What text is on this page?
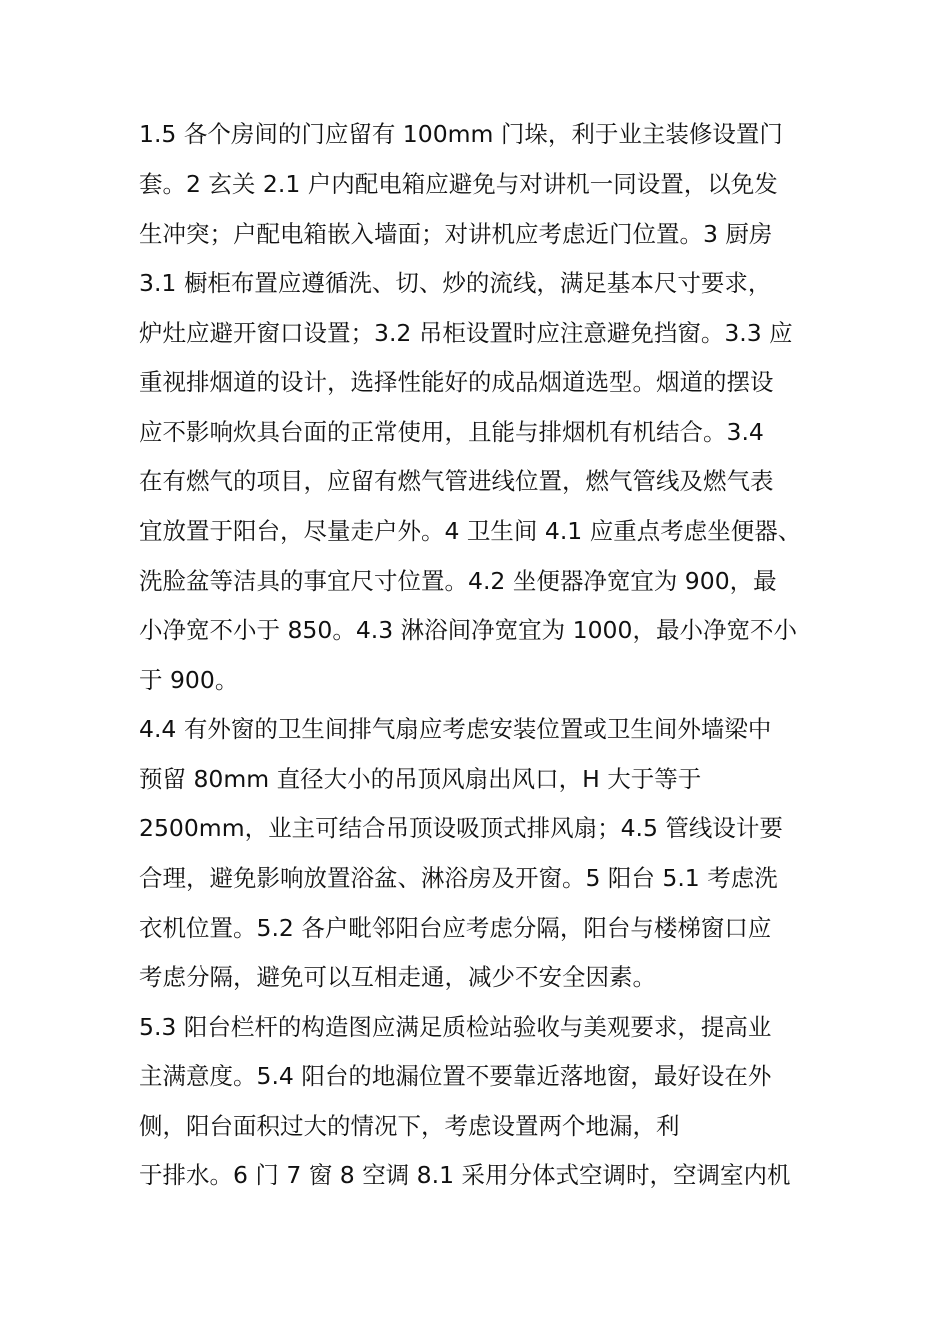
1.5 各个房间的门应留有 100mm 门垛，利于业主装修设置门
套。2 玄关 2.1 户内配电箱应避免与对讲机一同设置，以免发
生冲突；户配电箱嵌入墙面；对讲机应考虑近门位置。3 厨房
3.1 橱柜布置应遵循洗、切、炒的流线，满足基本尺寸要求，
炉灶应避开窗口设置；3.2 吊柜设置时应注意避免挡窗。3.3 应
重视排烟道的设计，选择性能好的成品烟道选型。烟道的摆设
应不影响炊具台面的正常使用，且能与排烟机有机结合。3.4
在有燃气的项目，应留有燃气管进线位置，燃气管线及燃气表
宜放置于阳台，尽量走户外。4 卫生间 4.1 应重点考虑坐便器、
洗脸盆等洁具的事宜尺寸位置。4.2 坐便器净宽宜为 900，最
小净宽不小于 850。4.3 淋浴间净宽宜为 1000，最小净宽不小
于 900。
4.4 有外窗的卫生间排气扇应考虑安装位置或卫生间外墙梁中
预留 80mm 直径大小的吊顶风扇出风口，H 大于等于
2500mm，业主可结合吊顶设吸顶式排风扇；4.5 管线设计要
合理，避免影响放置浴盆、淋浴房及开窗。5 阳台 5.1 考虑洗
衣机位置。5.2 各户毗邻阳台应考虑分隔，阳台与楼梯窗口应
考虑分隔，避免可以互相走通，减少不安全因素。
5.3 阳台栏杆的构造图应满足质检站验收与美观要求，提高业
主满意度。5.4 阳台的地漏位置不要靠近落地窗，最好设在外
侧，阳台面积过大的情况下，考虑设置两个地漏，利
于排水。6 门 7 窗 8 空调 8.1 采用分体式空调时，空调室内机
